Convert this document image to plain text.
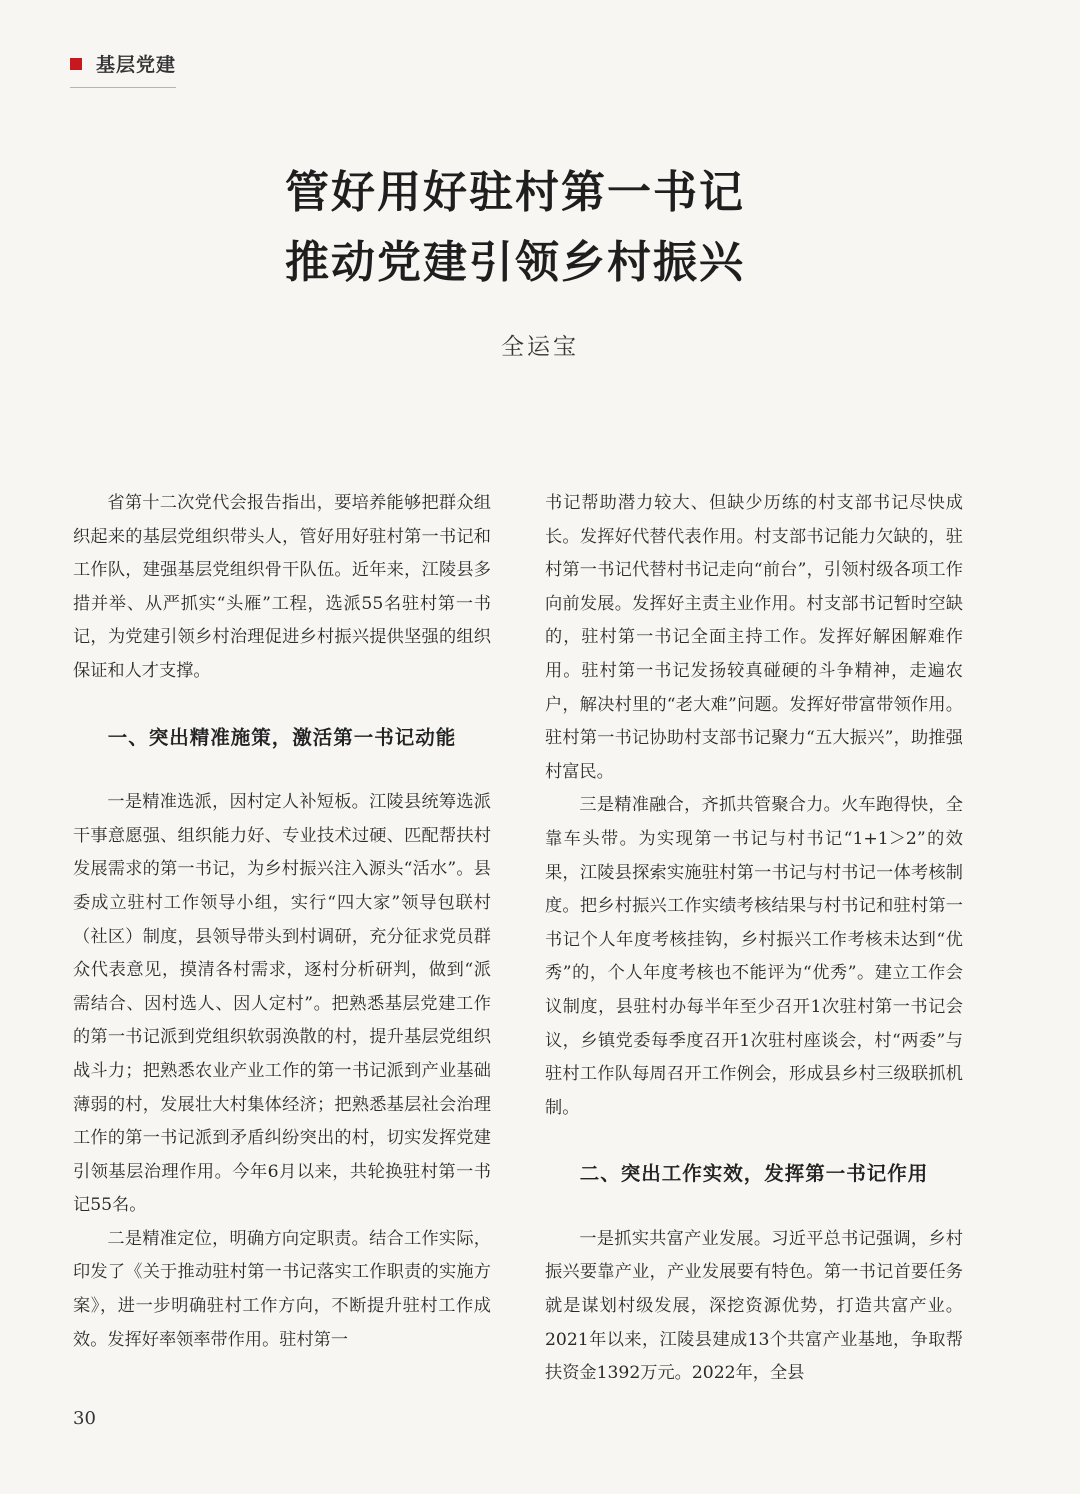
基层党建
管好用好驻村第一书记
推动党建引领乡村振兴
全运宝

省第十二次党代会报告指出，要培养能够把群众组织起来的基层党组织带头人，管好用好驻村第一书记和工作队，建强基层党组织骨干队伍。近年来，江陵县多措并举、从严抓实“头雁”工程，选派55名驻村第一书记，为党建引领乡村治理促进乡村振兴提供坚强的组织保证和人才支撑。

一、突出精准施策，激活第一书记动能

一是精准选派，因村定人补短板。江陵县统筹选派干事意愿强、组织能力好、专业技术过硬、匹配帮扶村发展需求的第一书记，为乡村振兴注入源头“活水”。县委成立驻村工作领导小组，实行“四大家”领导包联村（社区）制度，县领导带头到村调研，充分征求党员群众代表意见，摸清各村需求，逐村分析研判，做到“派需结合、因村选人、因人定村”。把熟悉基层党建工作的第一书记派到党组织软弱涣散的村，提升基层党组织战斗力；把熟悉农业产业工作的第一书记派到产业基础薄弱的村，发展壮大村集体经济；把熟悉基层社会治理工作的第一书记派到矛盾纠纷突出的村，切实发挥党建引领基层治理作用。今年6月以来，共轮换驻村第一书记55名。

二是精准定位，明确方向定职责。结合工作实际，印发了《关于推动驻村第一书记落实工作职责的实施方案》，进一步明确驻村工作方向，不断提升驻村工作成效。发挥好率领率带作用。驻村第一

书记帮助潜力较大、但缺少历练的村支部书记尽快成长。发挥好代替代表作用。村支部书记能力欠缺的，驻村第一书记代替村书记走向“前台”，引领村级各项工作向前发展。发挥好主责主业作用。村支部书记暂时空缺的，驻村第一书记全面主持工作。发挥好解困解难作用。驻村第一书记发扬较真碰硬的斗争精神，走遍农户，解决村里的“老大难”问题。发挥好带富带领作用。驻村第一书记协助村支部书记聚力“五大振兴”，助推强村富民。

三是精准融合，齐抓共管聚合力。火车跑得快，全靠车头带。为实现第一书记与村书记“1+1＞2”的效果，江陵县探索实施驻村第一书记与村书记一体考核制度。把乡村振兴工作实绩考核结果与村书记和驻村第一书记个人年度考核挂钩，乡村振兴工作考核未达到“优秀”的，个人年度考核也不能评为“优秀”。建立工作会议制度，县驻村办每半年至少召开1次驻村第一书记会议，乡镇党委每季度召开1次驻村座谈会，村“两委”与驻村工作队每周召开工作例会，形成县乡村三级联抓机制。

二、突出工作实效，发挥第一书记作用

一是抓实共富产业发展。习近平总书记强调，乡村振兴要靠产业，产业发展要有特色。第一书记首要任务就是谋划村级发展，深挖资源优势，打造共富产业。2021年以来，江陵县建成13个共富产业基地，争取帮扶资金1392万元。2022年，全县

30
